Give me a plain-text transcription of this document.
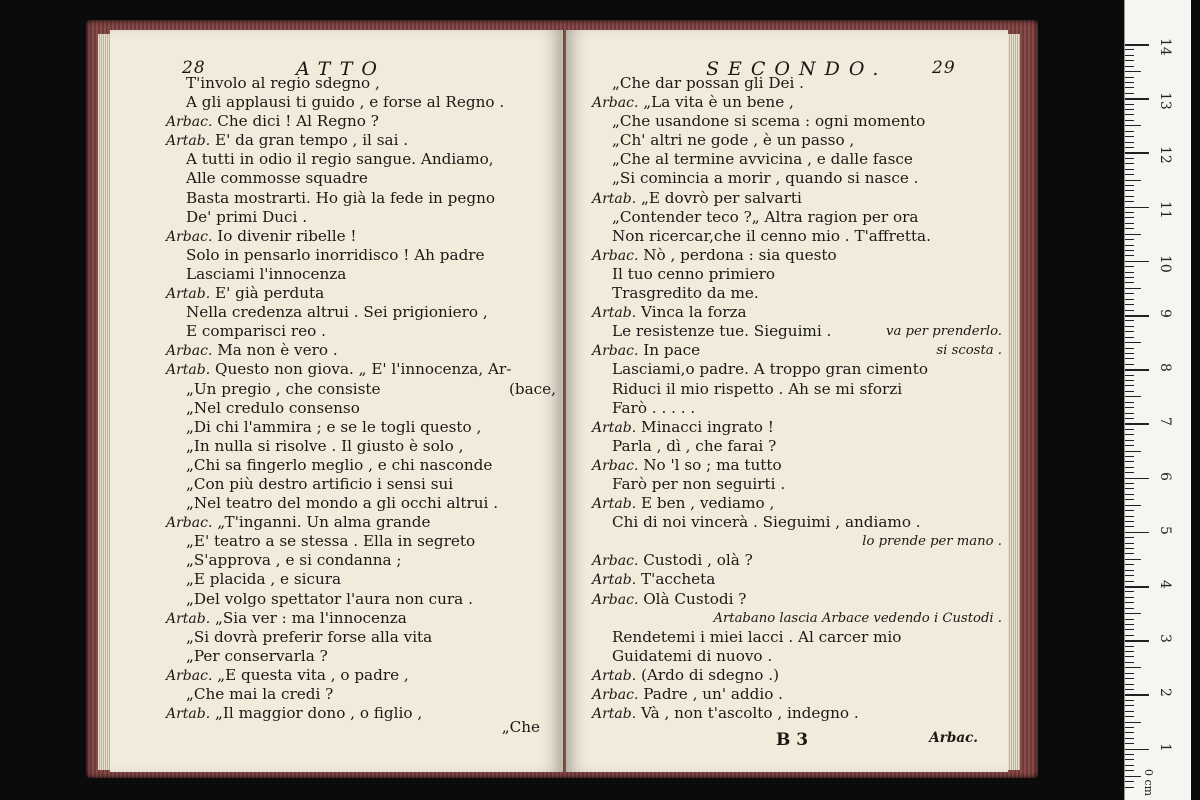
28	ATTO
T'involo al regio sdegno ,
A gli applausi ti guido , e forse al Regno .
Arbac. Che dici ! Al Regno ?
Artab. E' da gran tempo , il sai .
A tutti in odio il regio sangue. Andiamo,
Alle commosse squadre
Basta mostrarti. Ho già la fede in pegno
De' primi Duci .
Arbac. Io divenir ribelle !
Solo in pensarlo inorridisco ! Ah padre
Lasciami l'innocenza
Artab. E' già perduta
Nella credenza altrui . Sei prigioniero ,
E comparisci reo .
Arbac. Ma non è vero .
Artab. Questo non giova. „ E' l'innocenza, Ar-
„Un pregio , che consiste	(bace,
„Nel credulo consenso
„Di chi l'ammira ; e se le togli questo ,
„In nulla si risolve . Il giusto è solo ,
„Chi sa fingerlo meglio , e chi nasconde
„Con più destro artificio i sensi sui
„Nel teatro del mondo a gli occhi altrui .
Arbac. „T'inganni. Un alma grande
„E' teatro a se stessa . Ella in segreto
„S'approva , e si condanna ;
„E placida , e sicura
„Del volgo spettator l'aura non cura .
Artab. „Sia ver : ma l'innocenza
„Si dovrà preferir forse alla vita
„Per conservarla ?
Arbac. „E questa vita , o padre ,
„Che mai la credi ?
Artab. „Il maggior dono , o figlio ,
„Che
SECONDO.	29
„Che dar possan gli Dei .
Arbac. „La vita è un bene ,
„Che usandone si scema : ogni momento
„Ch' altri ne gode , è un passo ,
„Che al termine avvicina , e dalle fasce
„Si comincia a morir , quando si nasce .
Artab. „E dovrò per salvarti
„Contender teco ?„ Altra ragion per ora
Non ricercar,che il cenno mio . T'affretta.
Arbac. Nò , perdona : sia questo
Il tuo cenno primiero
Trasgredito da me.
Artab. Vinca la forza
Le resistenze tue. Sieguimi .	va per prenderlo.
Arbac. In pace	si scosta .
Lasciami,o padre. A troppo gran cimento
Riduci il mio rispetto . Ah se mi sforzi
Farò . . . . .
Artab. Minacci ingrato !
Parla , dì , che farai ?
Arbac. No 'l so ; ma tutto
Farò per non seguirti .
Artab. E ben , vediamo ,
Chi di noi vincerà . Sieguimi , andiamo .
lo prende per mano .
Arbac. Custodi , olà ?
Artab. T'accheta
Arbac. Olà Custodi ?
Artabano lascia Arbace vedendo i Custodi .
Rendetemi i miei lacci . Al carcer mio
Guidatemi di nuovo .
Artab. (Ardo di sdegno .)
Arbac. Padre , un' addio .
Artab. Và , non t'ascolto , indegno .
B 3	Arbac.
0 cm
14
13
12
11
10
9
8
7
6
5
4
3
2
1
